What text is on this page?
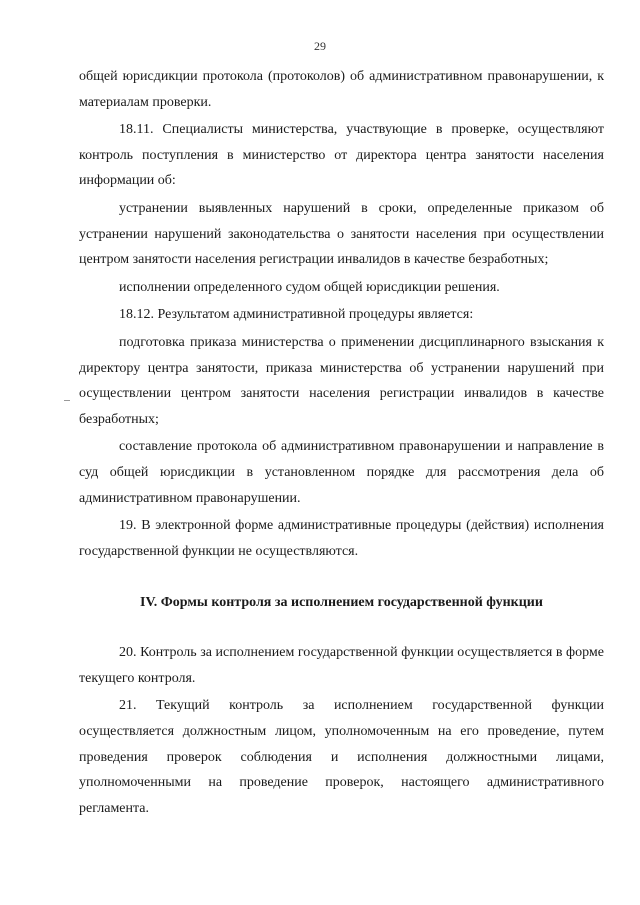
29

общей юрисдикции протокола (протоколов) об административном правонарушении, к материалам проверки.

18.11. Специалисты министерства, участвующие в проверке, осуществляют контроль поступления в министерство от директора центра занятости населения информации об:

устранении выявленных нарушений в сроки, определенные приказом об устранении нарушений законодательства о занятости населения при осуществлении центром занятости населения регистрации инвалидов в качестве безработных;

исполнении определенного судом общей юрисдикции решения.

18.12. Результатом административной процедуры является:

подготовка приказа министерства о применении дисциплинарного взыскания к директору центра занятости, приказа министерства об устранении нарушений при осуществлении центром занятости населения регистрации инвалидов в качестве безработных;

составление протокола об административном правонарушении и направление в суд общей юрисдикции в установленном порядке для рассмотрения дела об административном правонарушении.

19. В электронной форме административные процедуры (действия) исполнения государственной функции не осуществляются.

IV. Формы контроля за исполнением государственной функции

20. Контроль за исполнением государственной функции осуществляется в форме текущего контроля.

21. Текущий контроль за исполнением государственной функции осуществляется должностным лицом, уполномоченным на его проведение, путем проведения проверок соблюдения и исполнения должностными лицами, уполномоченными на проведение проверок, настоящего административного регламента.
